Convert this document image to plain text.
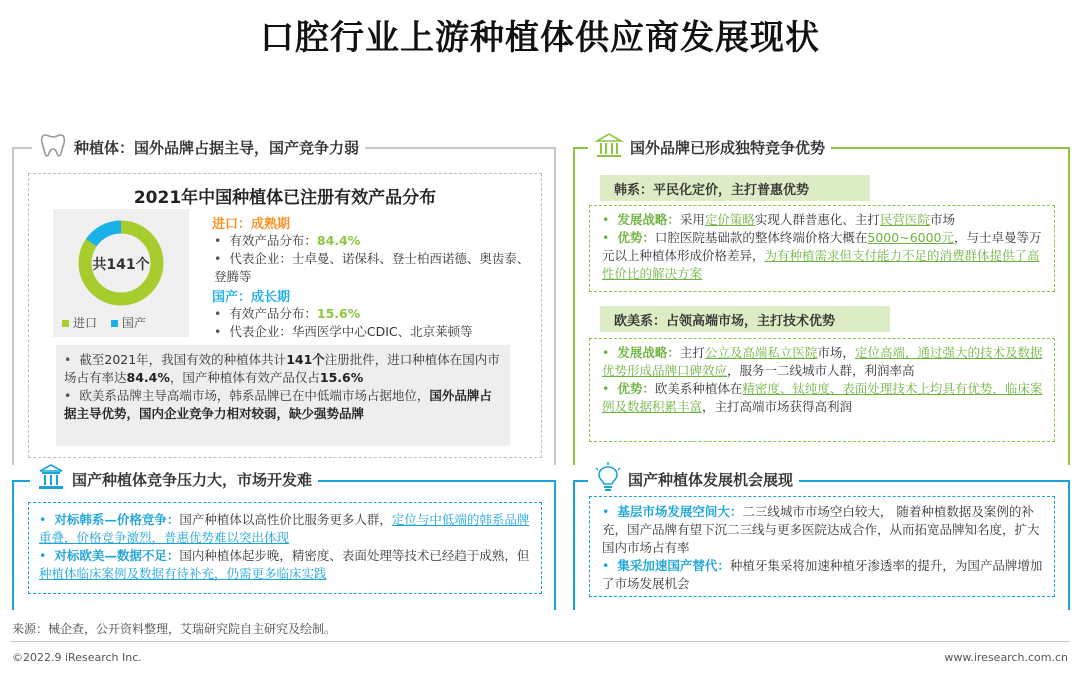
口腔行业上游种植体供应商发展现状
种植体：国外品牌占据主导，国产竞争力弱
2021年中国种植体已注册有效产品分布
共141个
进口 国产
进口：成熟期
• 有效产品分布：84.4%
• 代表企业：士卓曼、诺保科、登士柏西诺德、奥齿泰、登腾等
国产：成长期
• 有效产品分布：15.6%
• 代表企业：华西医学中心CDIC、北京莱顿等
• 截至2021年，我国有效的种植体共计141个注册批件，进口种植体在国内市场占有率达84.4%，国产种植体有效产品仅占15.6%
• 欧美系品牌主导高端市场，韩系品牌已在中低端市场占据地位，国外品牌占据主导优势，国内企业竞争力相对较弱，缺少强势品牌
国外品牌已形成独特竞争优势
韩系：平民化定价，主打普惠优势
• 发展战略：采用定价策略实现人群普惠化、主打民营医院市场
• 优势：口腔医院基础款的整体终端价格大概在5000~6000元，与士卓曼等万元以上种植体形成价格差异，为有种植需求但支付能力不足的消费群体提供了高性价比的解决方案
欧美系：占领高端市场，主打技术优势
• 发展战略：主打公立及高端私立医院市场，定位高端，通过强大的技术及数据优势形成品牌口碑效应，服务一二线城市人群，利润率高
• 优势：欧美系种植体在精密度、钛纯度、表面处理技术上均具有优势，临床案例及数据积累丰富，主打高端市场获得高利润
国产种植体竞争压力大，市场开发难
• 对标韩系—价格竞争：国产种植体以高性价比服务更多人群，定位与中低端的韩系品牌重叠，价格竞争激烈，普惠优势难以突出体现
• 对标欧美—数据不足：国内种植体起步晚，精密度、表面处理等技术已经趋于成熟，但种植体临床案例及数据有待补充，仍需更多临床实践
国产种植体发展机会展现
• 基层市场发展空间大：二三线城市市场空白较大， 随着种植数据及案例的补充，国产品牌有望下沉二三线与更多医院达成合作，从而拓宽品牌知名度，扩大国内市场占有率
• 集采加速国产替代：种植牙集采将加速种植牙渗透率的提升，为国产品牌增加了市场发展机会
来源：械企查，公开资料整理，艾瑞研究院自主研究及绘制。
©2022.9 iResearch Inc.	www.iresearch.com.cn
